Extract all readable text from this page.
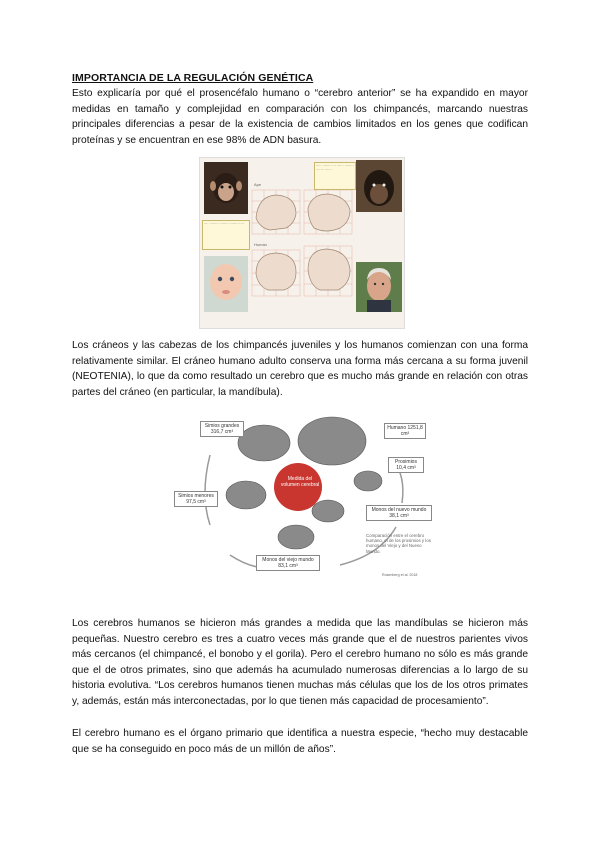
IMPORTANCIA DE LA REGULACIÓN GENÉTICA
Esto explicaría por qué el prosencéfalo humano o “cerebro anterior” se ha expandido en mayor medidas en tamaño y complejidad en comparación con los chimpancés, marcando nuestras principales diferencias a pesar de la existencia de cambios limitados en los genes que codifican proteínas y se encuentran en ese 98% de ADN basura.
····· ········· ·· ······ ········ ······· ······
···· ········ ······· ········ ·····
Ape
Human
Los cráneos y las cabezas de los chimpancés juveniles y los humanos comienzan con una forma relativamente similar. El cráneo humano adulto conserva una forma más cercana a su forma juvenil (NEOTENIA), lo que da como resultado un cerebro que es mucho más grande en relación con otras partes del cráneo (en particular, la mandíbula).
Medida del volumen cerebral
Simios grandes 316,7 cm³
Humano 1251,8 cm³
Prosimios 10,4 cm³
Simios menores 97,5 cm³
Monos del nuevo mundo 38,1 cm³
Monos del viejo mundo 83,1 cm³
Comparación entre el cerebro humano, el de los prosimios y los monos del Viejo y del Nuevo Mundo.
Rosenberg et al. 2018
Los cerebros humanos se hicieron más grandes a medida que las mandíbulas se hicieron más pequeñas. Nuestro cerebro es tres a cuatro veces más grande que el de nuestros parientes vivos más cercanos (el chimpancé, el bonobo y el gorila). Pero el cerebro humano no sólo es más grande que el de otros primates, sino que además ha acumulado numerosas diferencias a lo largo de su historia evolutiva. “Los cerebros humanos tienen muchas más células que los de los otros primates y, además, están más interconectadas, por lo que tienen más capacidad de procesamiento”.
El cerebro humano es el órgano primario que identifica a nuestra especie, “hecho muy destacable que se ha conseguido en poco más de un millón de años”.
